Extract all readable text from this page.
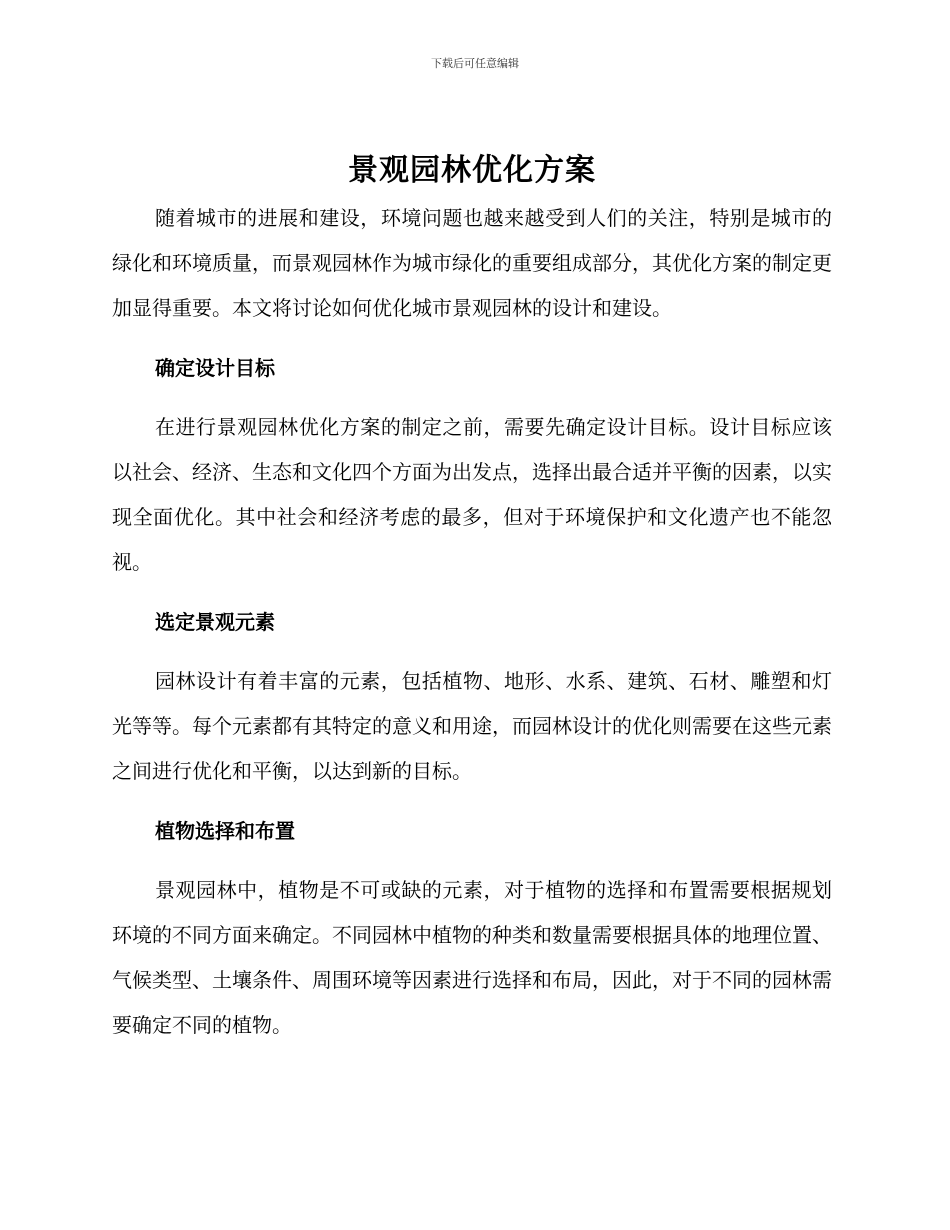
下载后可任意编辑
景观园林优化方案

随着城市的进展和建设，环境问题也越来越受到人们的关注，特别是城市的绿化和环境质量，而景观园林作为城市绿化的重要组成部分，其优化方案的制定更加显得重要。本文将讨论如何优化城市景观园林的设计和建设。

确定设计目标

在进行景观园林优化方案的制定之前，需要先确定设计目标。设计目标应该以社会、经济、生态和文化四个方面为出发点，选择出最合适并平衡的因素，以实现全面优化。其中社会和经济考虑的最多，但对于环境保护和文化遗产也不能忽视。

选定景观元素

园林设计有着丰富的元素，包括植物、地形、水系、建筑、石材、雕塑和灯光等等。每个元素都有其特定的意义和用途，而园林设计的优化则需要在这些元素之间进行优化和平衡，以达到新的目标。

植物选择和布置

景观园林中，植物是不可或缺的元素，对于植物的选择和布置需要根据规划环境的不同方面来确定。不同园林中植物的种类和数量需要根据具体的地理位置、气候类型、土壤条件、周围环境等因素进行选择和布局，因此，对于不同的园林需要确定不同的植物。
